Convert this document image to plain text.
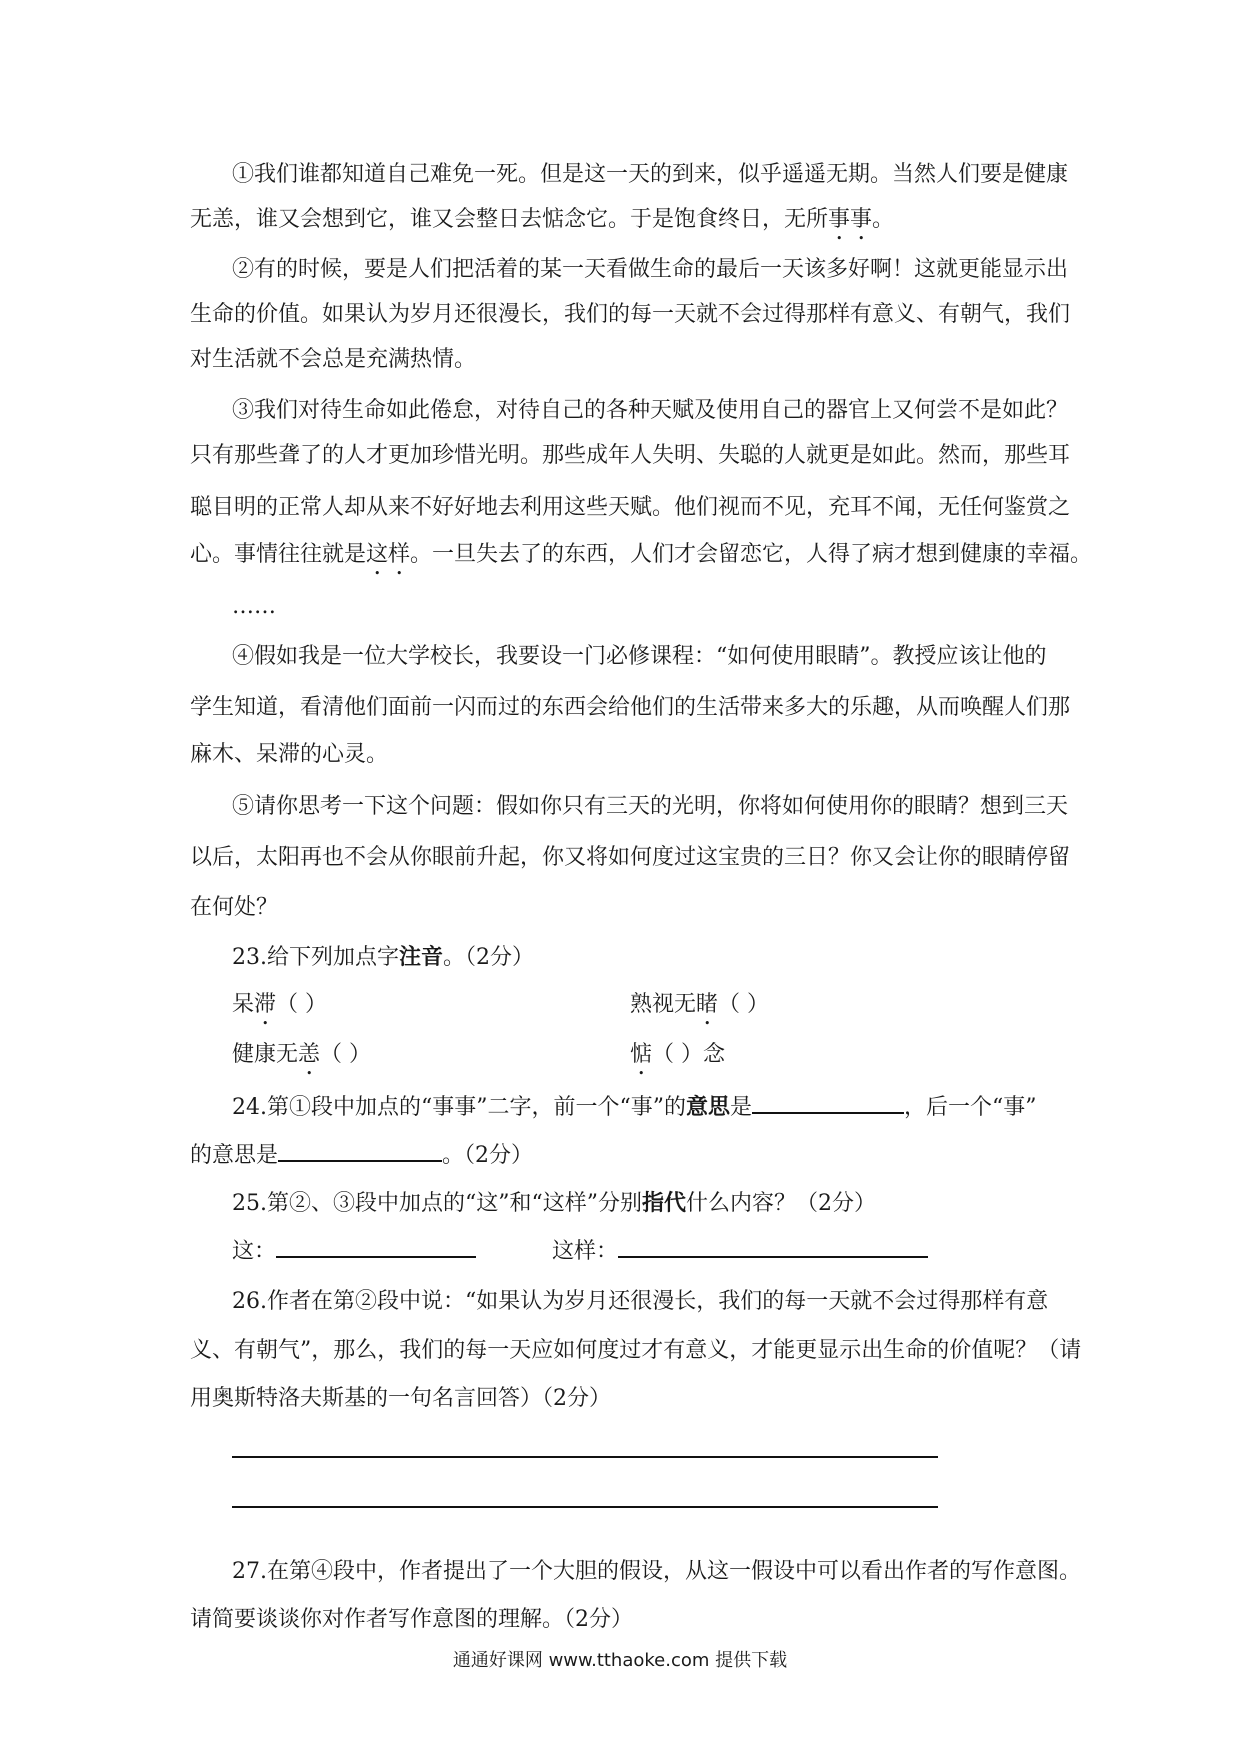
①我们谁都知道自己难免一死。但是这一天的到来，似乎遥遥无期。当然人们要是健康
无恙，谁又会想到它，谁又会整日去惦念它。于是饱食终日，无所事事。
②有的时候，要是人们把活着的某一天看做生命的最后一天该多好啊！这就更能显示出
生命的价值。如果认为岁月还很漫长，我们的每一天就不会过得那样有意义、有朝气，我们
对生活就不会总是充满热情。
③我们对待生命如此倦怠，对待自己的各种天赋及使用自己的器官上又何尝不是如此？
只有那些聋了的人才更加珍惜光明。那些成年人失明、失聪的人就更是如此。然而，那些耳
聪目明的正常人却从来不好好地去利用这些天赋。他们视而不见，充耳不闻，无任何鉴赏之
心。事情往往就是这样。一旦失去了的东西，人们才会留恋它，人得了病才想到健康的幸福。
……
④假如我是一位大学校长，我要设一门必修课程：“如何使用眼睛”。教授应该让他的
学生知道，看清他们面前一闪而过的东西会给他们的生活带来多大的乐趣，从而唤醒人们那
麻木、呆滞的心灵。
⑤请你思考一下这个问题：假如你只有三天的光明，你将如何使用你的眼睛？想到三天
以后，太阳再也不会从你眼前升起，你又将如何度过这宝贵的三日？你又会让你的眼睛停留
在何处？
23.给下列加点字注音。（2分）
呆滞（ ）	熟视无睹（ ）
健康无恙（ ）	惦（ ）念
24.第①段中加点的“事事”二字，前一个“事”的意思是	，后一个“事”
的意思是	。（2分）
25.第②、③段中加点的“这”和“这样”分别指代什么内容？（2分）
这：	这样：
26.作者在第②段中说：“如果认为岁月还很漫长，我们的每一天就不会过得那样有意
义、有朝气”，那么，我们的每一天应如何度过才有意义，才能更显示出生命的价值呢？（请
用奥斯特洛夫斯基的一句名言回答）（2分）
27.在第④段中，作者提出了一个大胆的假设，从这一假设中可以看出作者的写作意图。
请简要谈谈你对作者写作意图的理解。（2分）
通通好课网 www.tthaoke.com 提供下载
